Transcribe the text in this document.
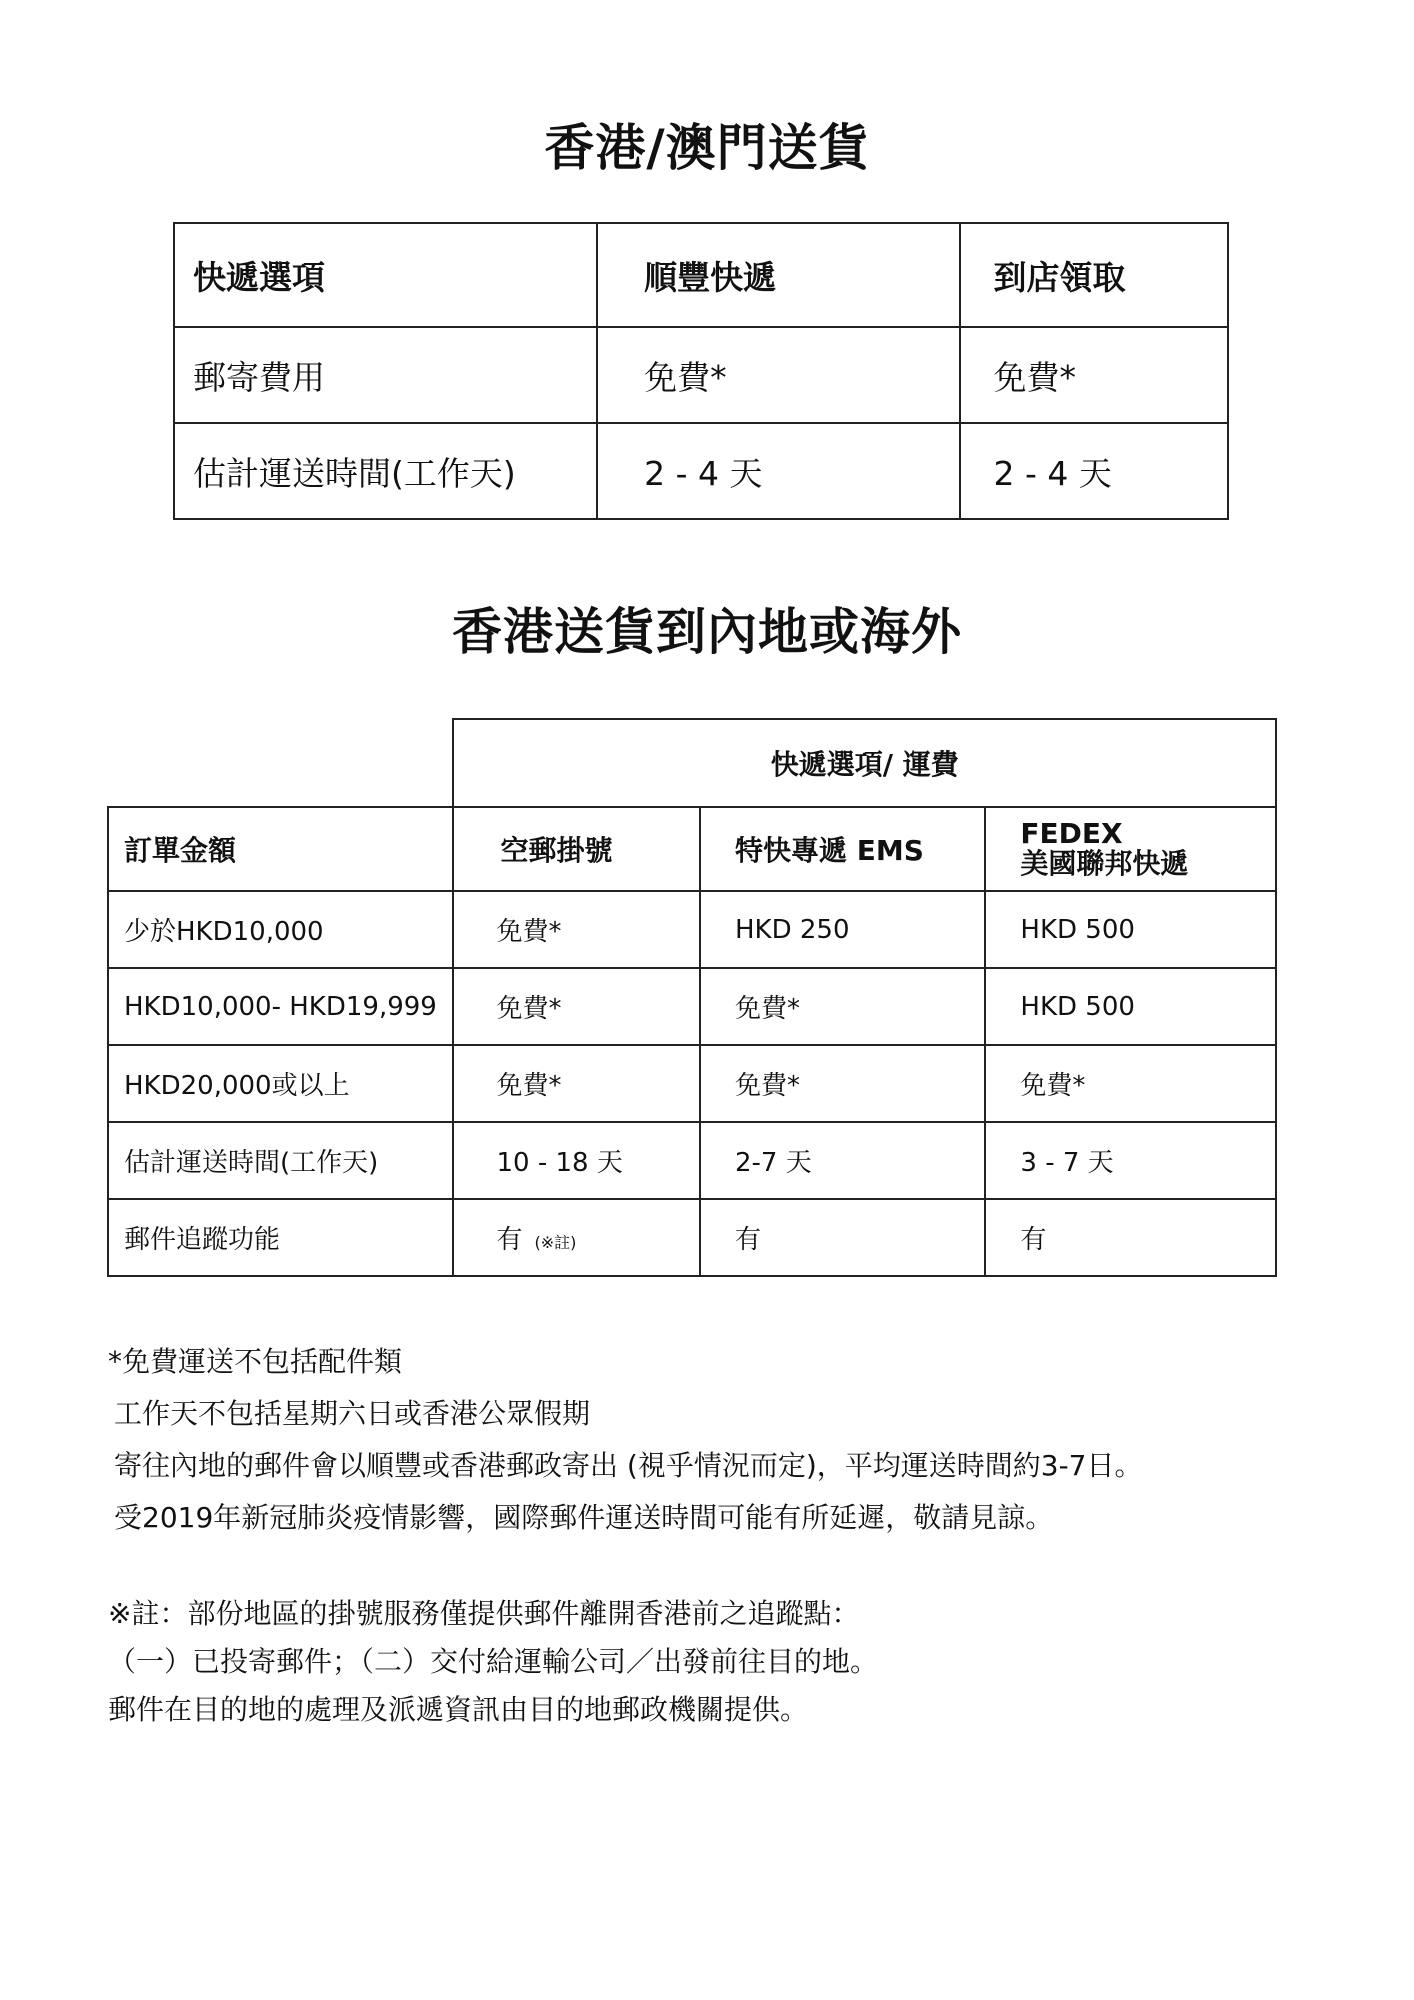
香港/澳門送貨
快遞選項	順豐快遞	到店領取
郵寄費用	免費*	免費*
估計運送時間(工作天)	2 - 4 天	2 - 4 天
香港送貨到內地或海外
	快遞選項/ 運費		
訂單金額	空郵掛號	特快專遞 EMS	FEDEX
美國聯邦快遞

少於HKD10,000	免費*	HKD 250	HKD 500
HKD10,000- HKD19,999	免費*	免費*	HKD 500
HKD20,000或以上	免費*	免費*	免費*
估計運送時間(工作天)	10 - 18 天	2-7 天	3 - 7 天
郵件追蹤功能	有 (※註)	有	有

*免費運送不包括配件類

工作天不包括星期六日或香港公眾假期

寄往內地的郵件會以順豐或香港郵政寄出 (視乎情況而定)，平均運送時間約3-7日。

受2019年新冠肺炎疫情影響，國際郵件運送時間可能有所延遲，敬請見諒。

※註：部份地區的掛號服務僅提供郵件離開香港前之追蹤點：

（一）已投寄郵件；（二）交付給運輸公司／出發前往目的地。

郵件在目的地的處理及派遞資訊由目的地郵政機關提供。
